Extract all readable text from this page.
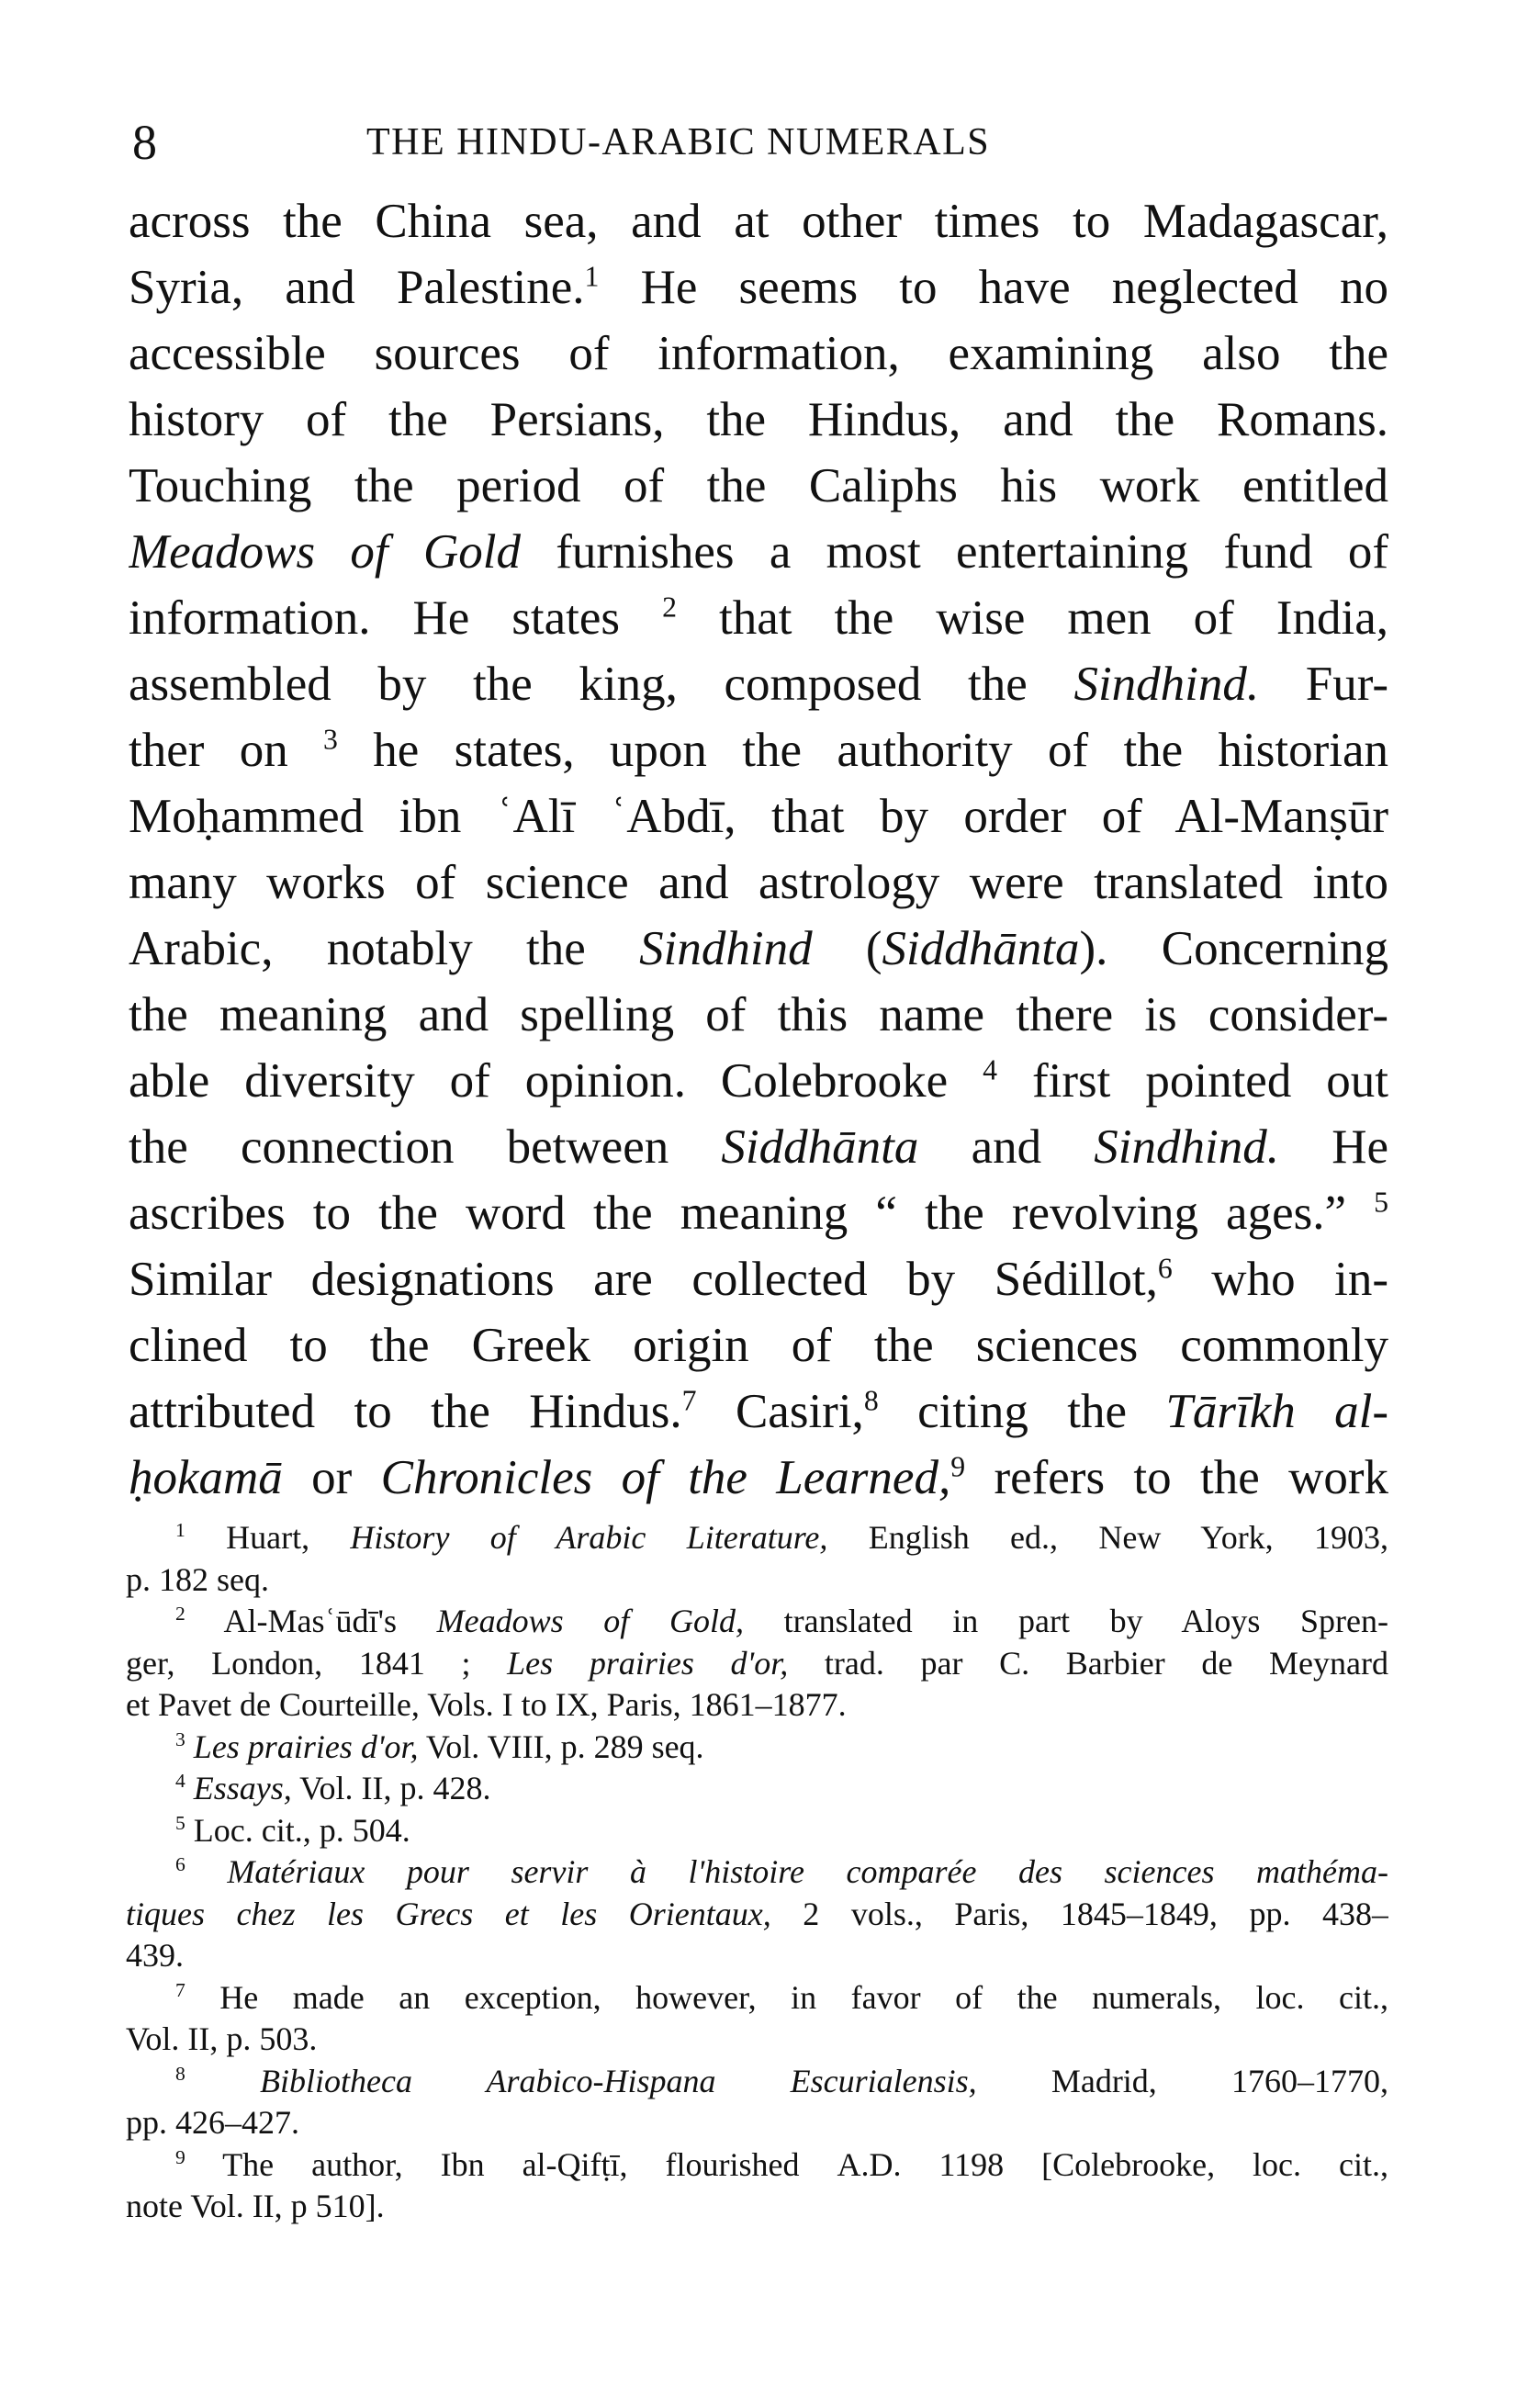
8	THE HINDU-ARABIC NUMERALS
across the China sea, and at other times to Madagascar,
Syria, and Palestine.$^1$ He seems to have neglected no
accessible sources of information, examining also the
history of the Persians, the Hindus, and the Romans.
Touching the period of the Caliphs his work entitled
Meadows of Gold furnishes a most entertaining fund of
information. He states $^2$ that the wise men of India,
assembled by the king, composed the Sindhind. Fur-
ther on $^3$ he states, upon the authority of the historian
Moḥammed ibn ʿAlī ʿAbdī, that by order of Al-Manṣūr
many works of science and astrology were translated into
Arabic, notably the Sindhind (Siddhānta). Concerning
the meaning and spelling of this name there is consider-
able diversity of opinion. Colebrooke $^4$ first pointed out
the connection between Siddhānta and Sindhind. He
ascribes to the word the meaning “ the revolving ages.” $^5$
Similar designations are collected by Sédillot,$^6$ who in-
clined to the Greek origin of the sciences commonly
attributed to the Hindus.$^7$ Casiri,$^8$ citing the Tārīkh al-
ḥokamā or Chronicles of the Learned,$^9$ refers to the work
$^1$ Huart, History of Arabic Literature, English ed., New York, 1903,
p. 182 seq.
$^2$ Al-Masʿūdī's Meadows of Gold, translated in part by Aloys Spren-
ger, London, 1841 ; Les prairies d'or, trad. par C. Barbier de Meynard
et Pavet de Courteille, Vols. I to IX, Paris, 1861–1877.
$^3$ Les prairies d'or, Vol. VIII, p. 289 seq.
$^4$ Essays, Vol. II, p. 428.
$^5$ Loc. cit., p. 504.
$^6$ Matériaux pour servir à l'histoire comparée des sciences mathéma-
tiques chez les Grecs et les Orientaux, 2 vols., Paris, 1845–1849, pp. 438–
439.
$^7$ He made an exception, however, in favor of the numerals, loc. cit.,
Vol. II, p. 503.
$^8$ Bibliotheca Arabico-Hispana Escurialensis, Madrid, 1760–1770,
pp. 426–427.
$^9$ The author, Ibn al-Qifṭī, flourished A.D. 1198 [Colebrooke, loc. cit.,
note Vol. II, p 510].
